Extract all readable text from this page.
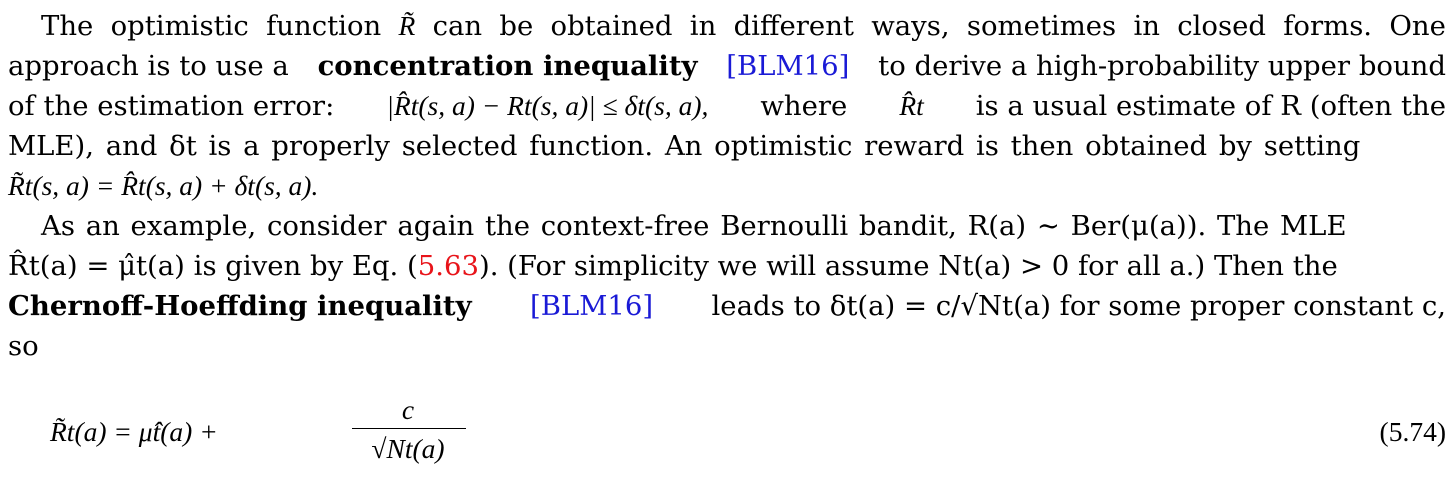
The optimistic function R̃ can be obtained in different ways, sometimes in closed forms. One
approach is to use a concentration inequality [BLM16] to derive a high-probability upper bound
of the estimation error: |R̂t(s, a) − Rt(s, a)| ≤ δt(s, a), where R̂t is a usual estimate of R (often the
MLE), and δt is a properly selected function. An optimistic reward is then obtained by setting
R̃t(s, a) = R̂t(s, a) + δt(s, a).
As an example, consider again the context-free Bernoulli bandit, R(a) ∼ Ber(μ(a)). The MLE
R̂t(a) = μ̂t(a) is given by Eq. (5.63). (For simplicity we will assume Nt(a) > 0 for all a.) Then the
Chernoff-Hoeffding inequality [BLM16] leads to δt(a) = c/√Nt(a) for some proper constant c,
so
R̃t(a) = μ̂t(a) +
c
√Nt(a)
(5.74)
